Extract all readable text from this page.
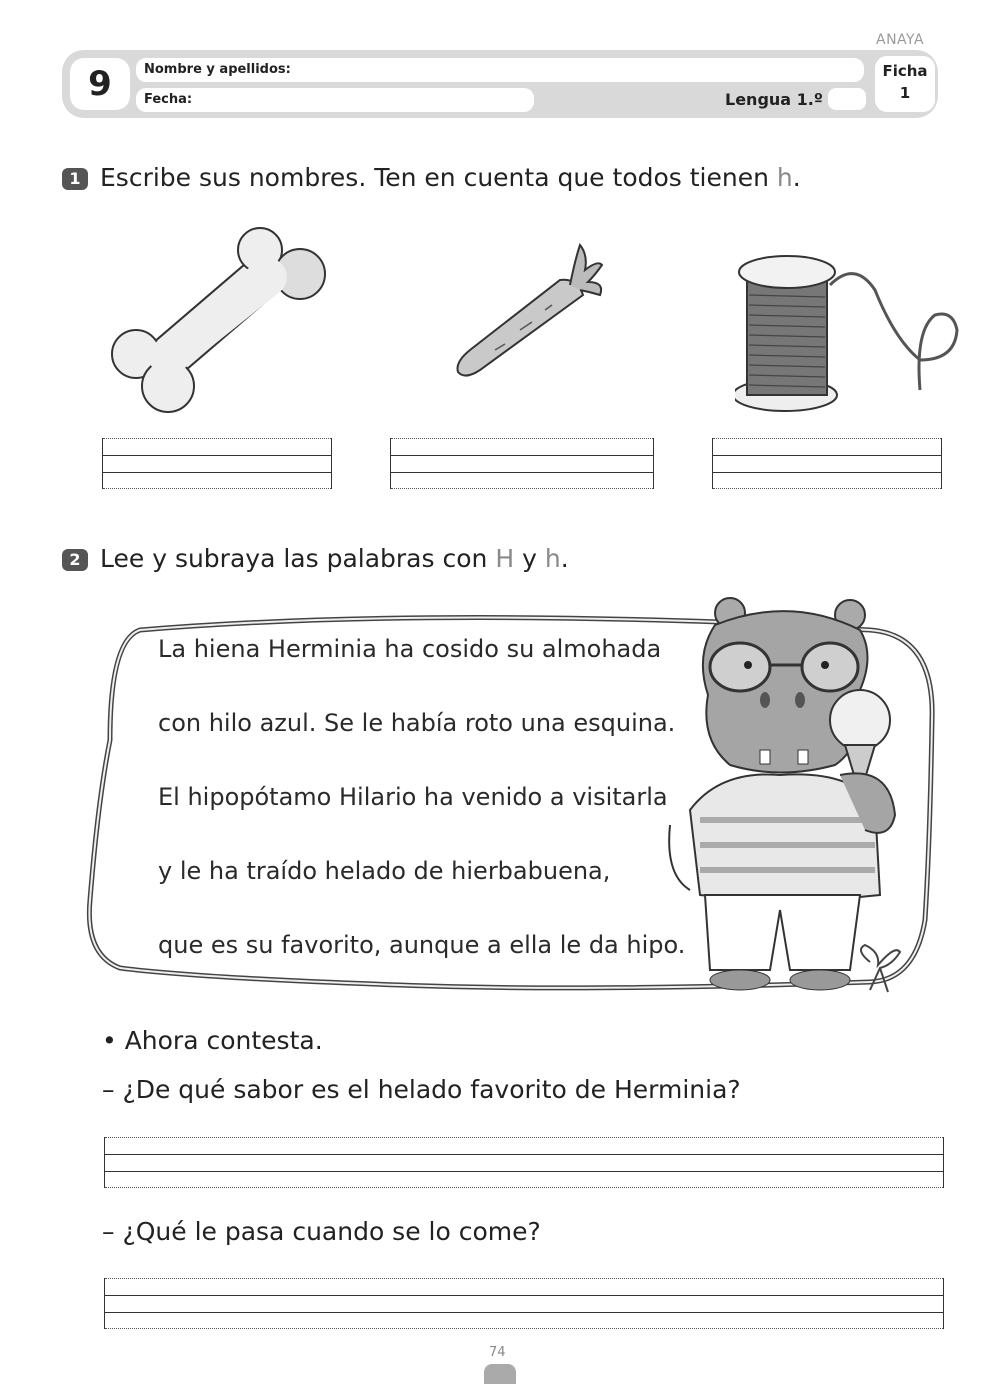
ANAYA
9	Nombre y apellidos:
Fecha:	Lengua 1.º
Ficha
1
1 Escribe sus nombres. Ten en cuenta que todos tienen h.
2 Lee y subraya las palabras con H y h.
La hiena Herminia ha cosido su almohada
con hilo azul. Se le había roto una esquina.
El hipopótamo Hilario ha venido a visitarla
y le ha traído helado de hierbabuena,
que es su favorito, aunque a ella le da hipo.
• Ahora contesta.
– ¿De qué sabor es el helado favorito de Herminia?
– ¿Qué le pasa cuando se lo come?
74
